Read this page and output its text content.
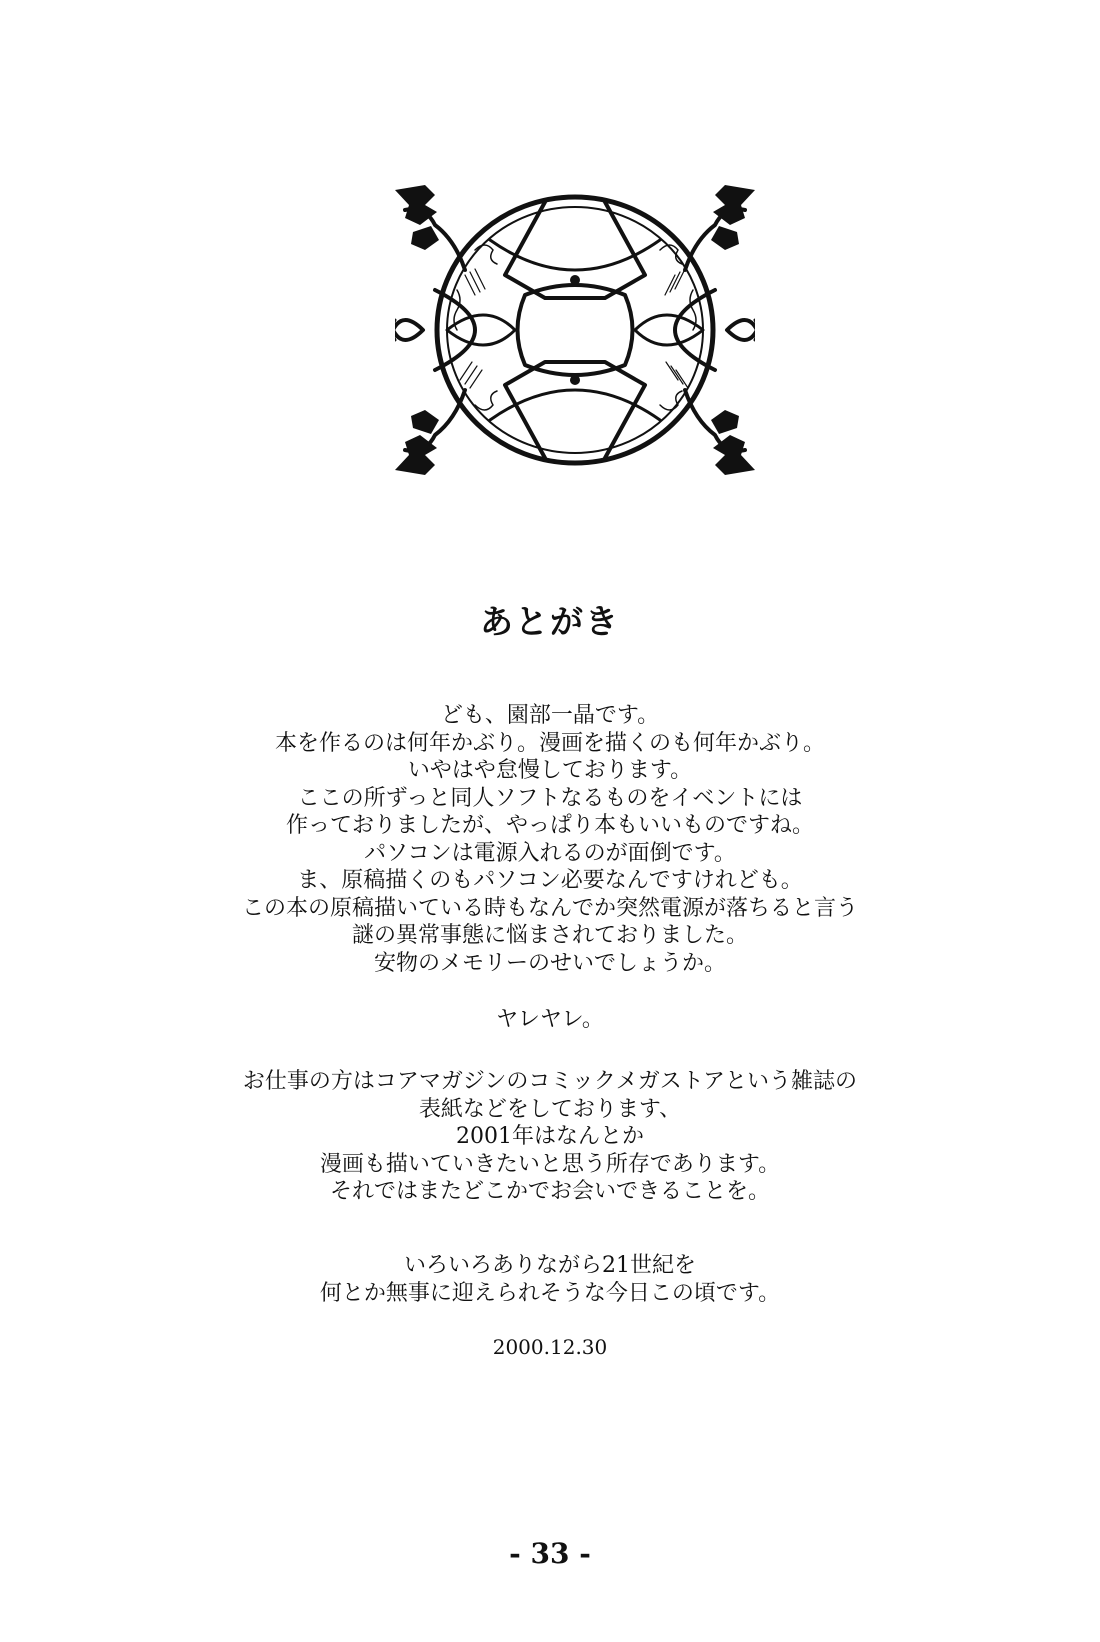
あとがき
ども、園部一晶です。
本を作るのは何年かぶり。漫画を描くのも何年かぶり。
いやはや怠慢しております。
ここの所ずっと同人ソフトなるものをイベントには
作っておりましたが、やっぱり本もいいものですね。
パソコンは電源入れるのが面倒です。
ま、原稿描くのもパソコン必要なんですけれども。
この本の原稿描いている時もなんでか突然電源が落ちると言う
謎の異常事態に悩まされておりました。
安物のメモリーのせいでしょうか。
ヤレヤレ。
お仕事の方はコアマガジンのコミックメガストアという雑誌の
表紙などをしております、
2001年はなんとか
漫画も描いていきたいと思う所存であります。
それではまたどこかでお会いできることを。
いろいろありながら21世紀を
何とか無事に迎えられそうな今日この頃です。
2000.12.30
- 33 -
